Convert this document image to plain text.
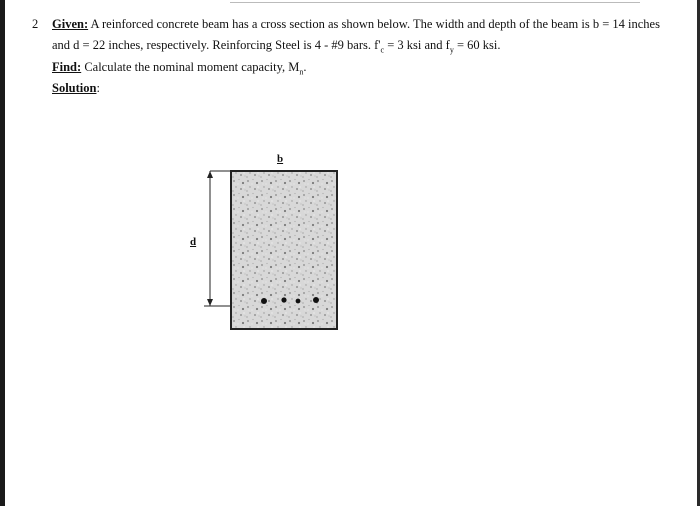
2 Given: A reinforced concrete beam has a cross section as shown below. The width and depth of the beam is b = 14 inches
and d = 22 inches, respectively. Reinforcing Steel is 4 - #9 bars. $f'_c = 3$ ksi and $f_y = 60$ ksi.
Find: Calculate the nominal moment capacity, $M_n$.
Solution:
b
d
